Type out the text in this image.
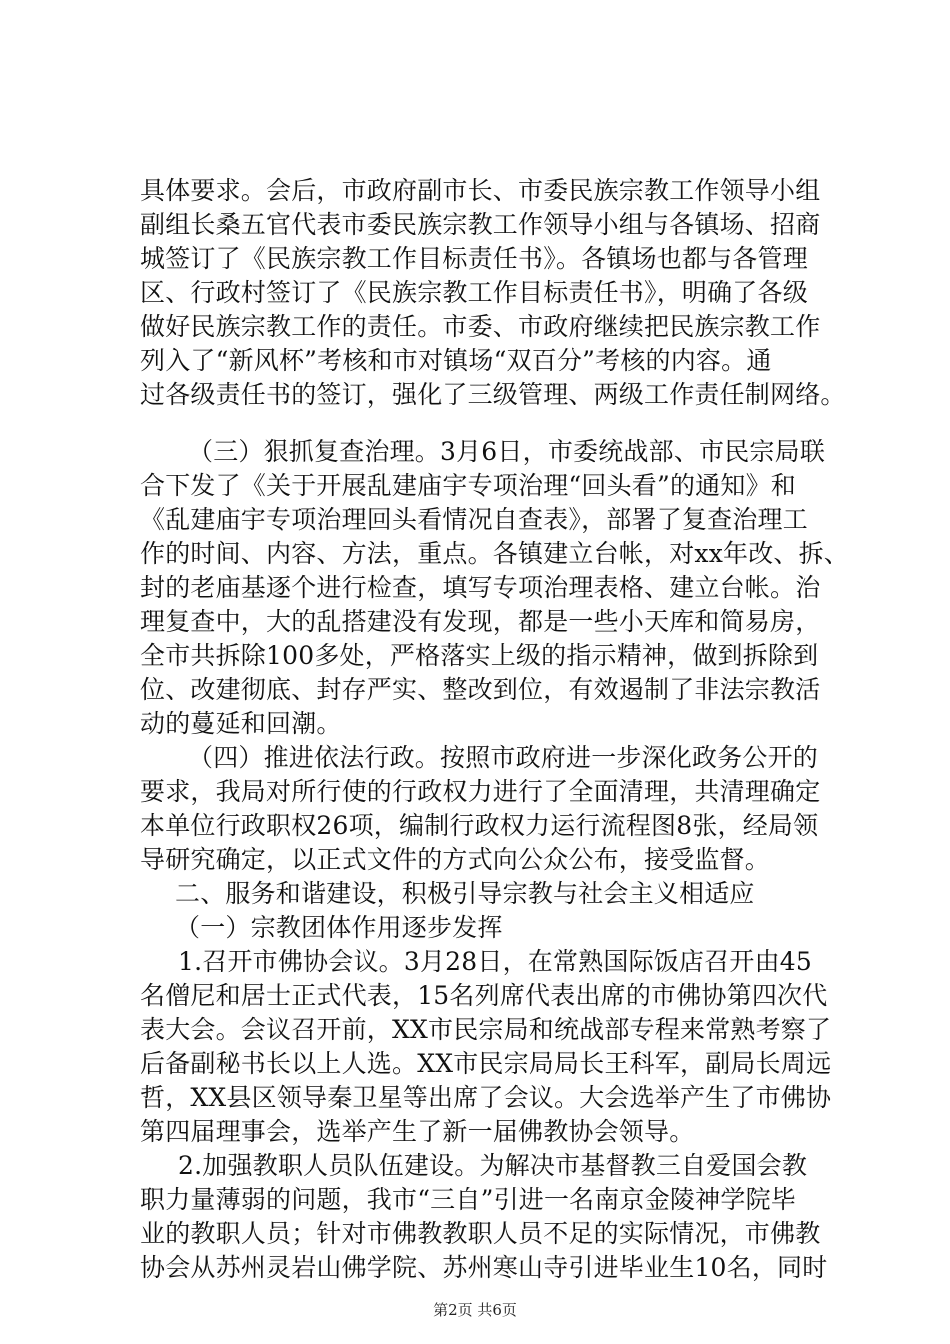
具体要求。会后，市政府副市长、市委民族宗教工作领导小组
副组长桑五官代表市委民族宗教工作领导小组与各镇场、招商
城签订了《民族宗教工作目标责任书》。各镇场也都与各管理
区、行政村签订了《民族宗教工作目标责任书》，明确了各级
做好民族宗教工作的责任。市委、市政府继续把民族宗教工作
列入了“新风杯”考核和市对镇场“双百分”考核的内容。通
过各级责任书的签订，强化了三级管理、两级工作责任制网络。
（三）狠抓复查治理。3月6日，市委统战部、市民宗局联
合下发了《关于开展乱建庙宇专项治理“回头看”的通知》和
《乱建庙宇专项治理回头看情况自查表》，部署了复查治理工
作的时间、内容、方法，重点。各镇建立台帐，对xx年改、拆、
封的老庙基逐个进行检查，填写专项治理表格、建立台帐。治
理复查中，大的乱搭建没有发现，都是一些小天库和简易房，
全市共拆除100多处，严格落实上级的指示精神，做到拆除到
位、改建彻底、封存严实、整改到位，有效遏制了非法宗教活
动的蔓延和回潮。
（四）推进依法行政。按照市政府进一步深化政务公开的
要求，我局对所行使的行政权力进行了全面清理，共清理确定
本单位行政职权26项，编制行政权力运行流程图8张，经局领
导研究确定，以正式文件的方式向公众公布，接受监督。
二、服务和谐建设，积极引导宗教与社会主义相适应
（一）宗教团体作用逐步发挥
1.召开市佛协会议。3月28日，在常熟国际饭店召开由45
名僧尼和居士正式代表，15名列席代表出席的市佛协第四次代
表大会。会议召开前，XX市民宗局和统战部专程来常熟考察了
后备副秘书长以上人选。XX市民宗局局长王科军，副局长周远
哲，XX县区领导秦卫星等出席了会议。大会选举产生了市佛协
第四届理事会，选举产生了新一届佛教协会领导。
2.加强教职人员队伍建设。为解决市基督教三自爱国会教
职力量薄弱的问题，我市“三自”引进一名南京金陵神学院毕
业的教职人员；针对市佛教教职人员不足的实际情况，市佛教
协会从苏州灵岩山佛学院、苏州寒山寺引进毕业生10名，同时
第2页 共6页
